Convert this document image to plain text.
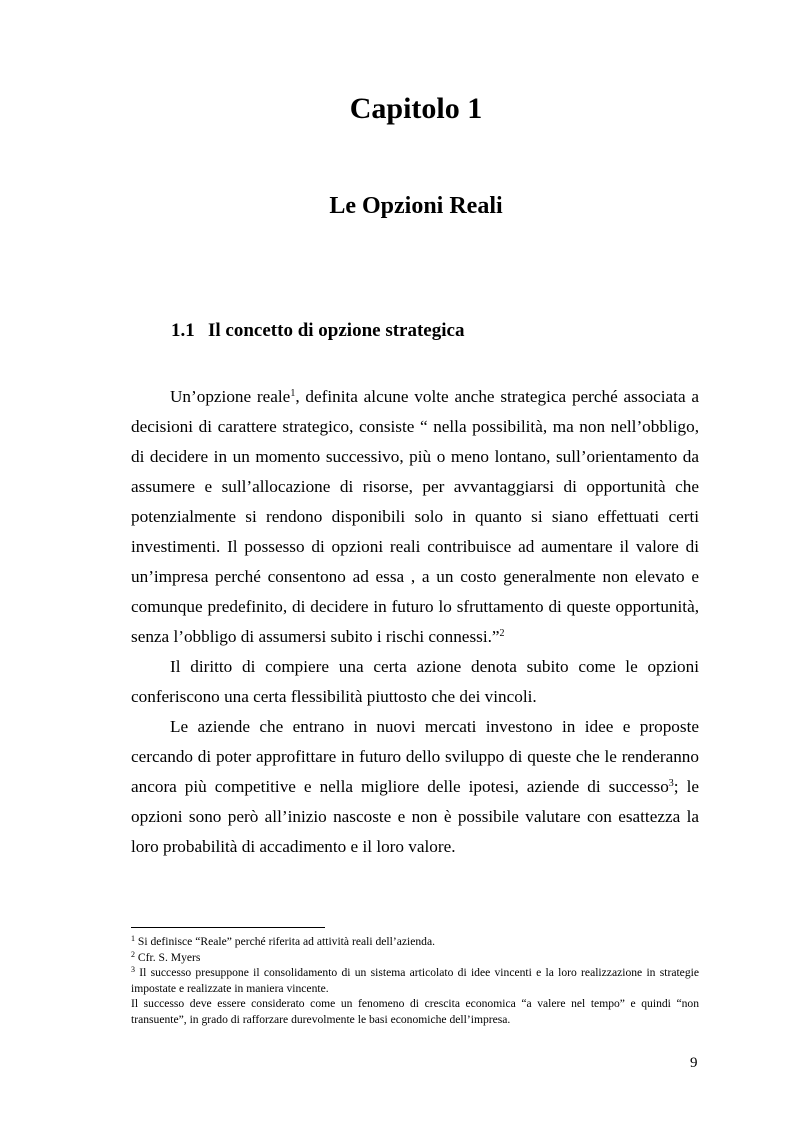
Capitolo 1
Le Opzioni Reali
1.1 Il concetto di opzione strategica

Un’opzione reale$^1$, definita alcune volte anche strategica perché associata a decisioni di carattere strategico, consiste “ nella possibilità, ma non nell’obbligo, di decidere in un momento successivo, più o meno lontano, sull’orientamento da assumere e sull’allocazione di risorse, per avvantaggiarsi di opportunità che potenzialmente si rendono disponibili solo in quanto si siano effettuati certi investimenti. Il possesso di opzioni reali contribuisce ad aumentare il valore di un’impresa perché consentono ad essa , a un costo generalmente non elevato e comunque predefinito, di decidere in futuro lo sfruttamento di queste opportunità, senza l’obbligo di assumersi subito i rischi connessi.”$^2$

Il diritto di compiere una certa azione denota subito come le opzioni conferiscono una certa flessibilità piuttosto che dei vincoli.

Le aziende che entrano in nuovi mercati investono in idee e proposte cercando di poter approfittare in futuro dello sviluppo di queste che le renderanno ancora più competitive e nella migliore delle ipotesi, aziende di successo$^3$; le opzioni sono però all’inizio nascoste e non è possibile valutare con esattezza la loro probabilità di accadimento e il loro valore.

$^1$ Si definisce “Reale” perché riferita ad attività reali dell’azienda.

$^2$ Cfr. S. Myers

$^3$ Il successo presuppone il consolidamento di un sistema articolato di idee vincenti e la loro realizzazione in strategie impostate e realizzate in maniera vincente.

Il successo deve essere considerato come un fenomeno di crescita economica “a valere nel tempo” e quindi “non transuente”, in grado di rafforzare durevolmente le basi economiche dell’impresa.

9
